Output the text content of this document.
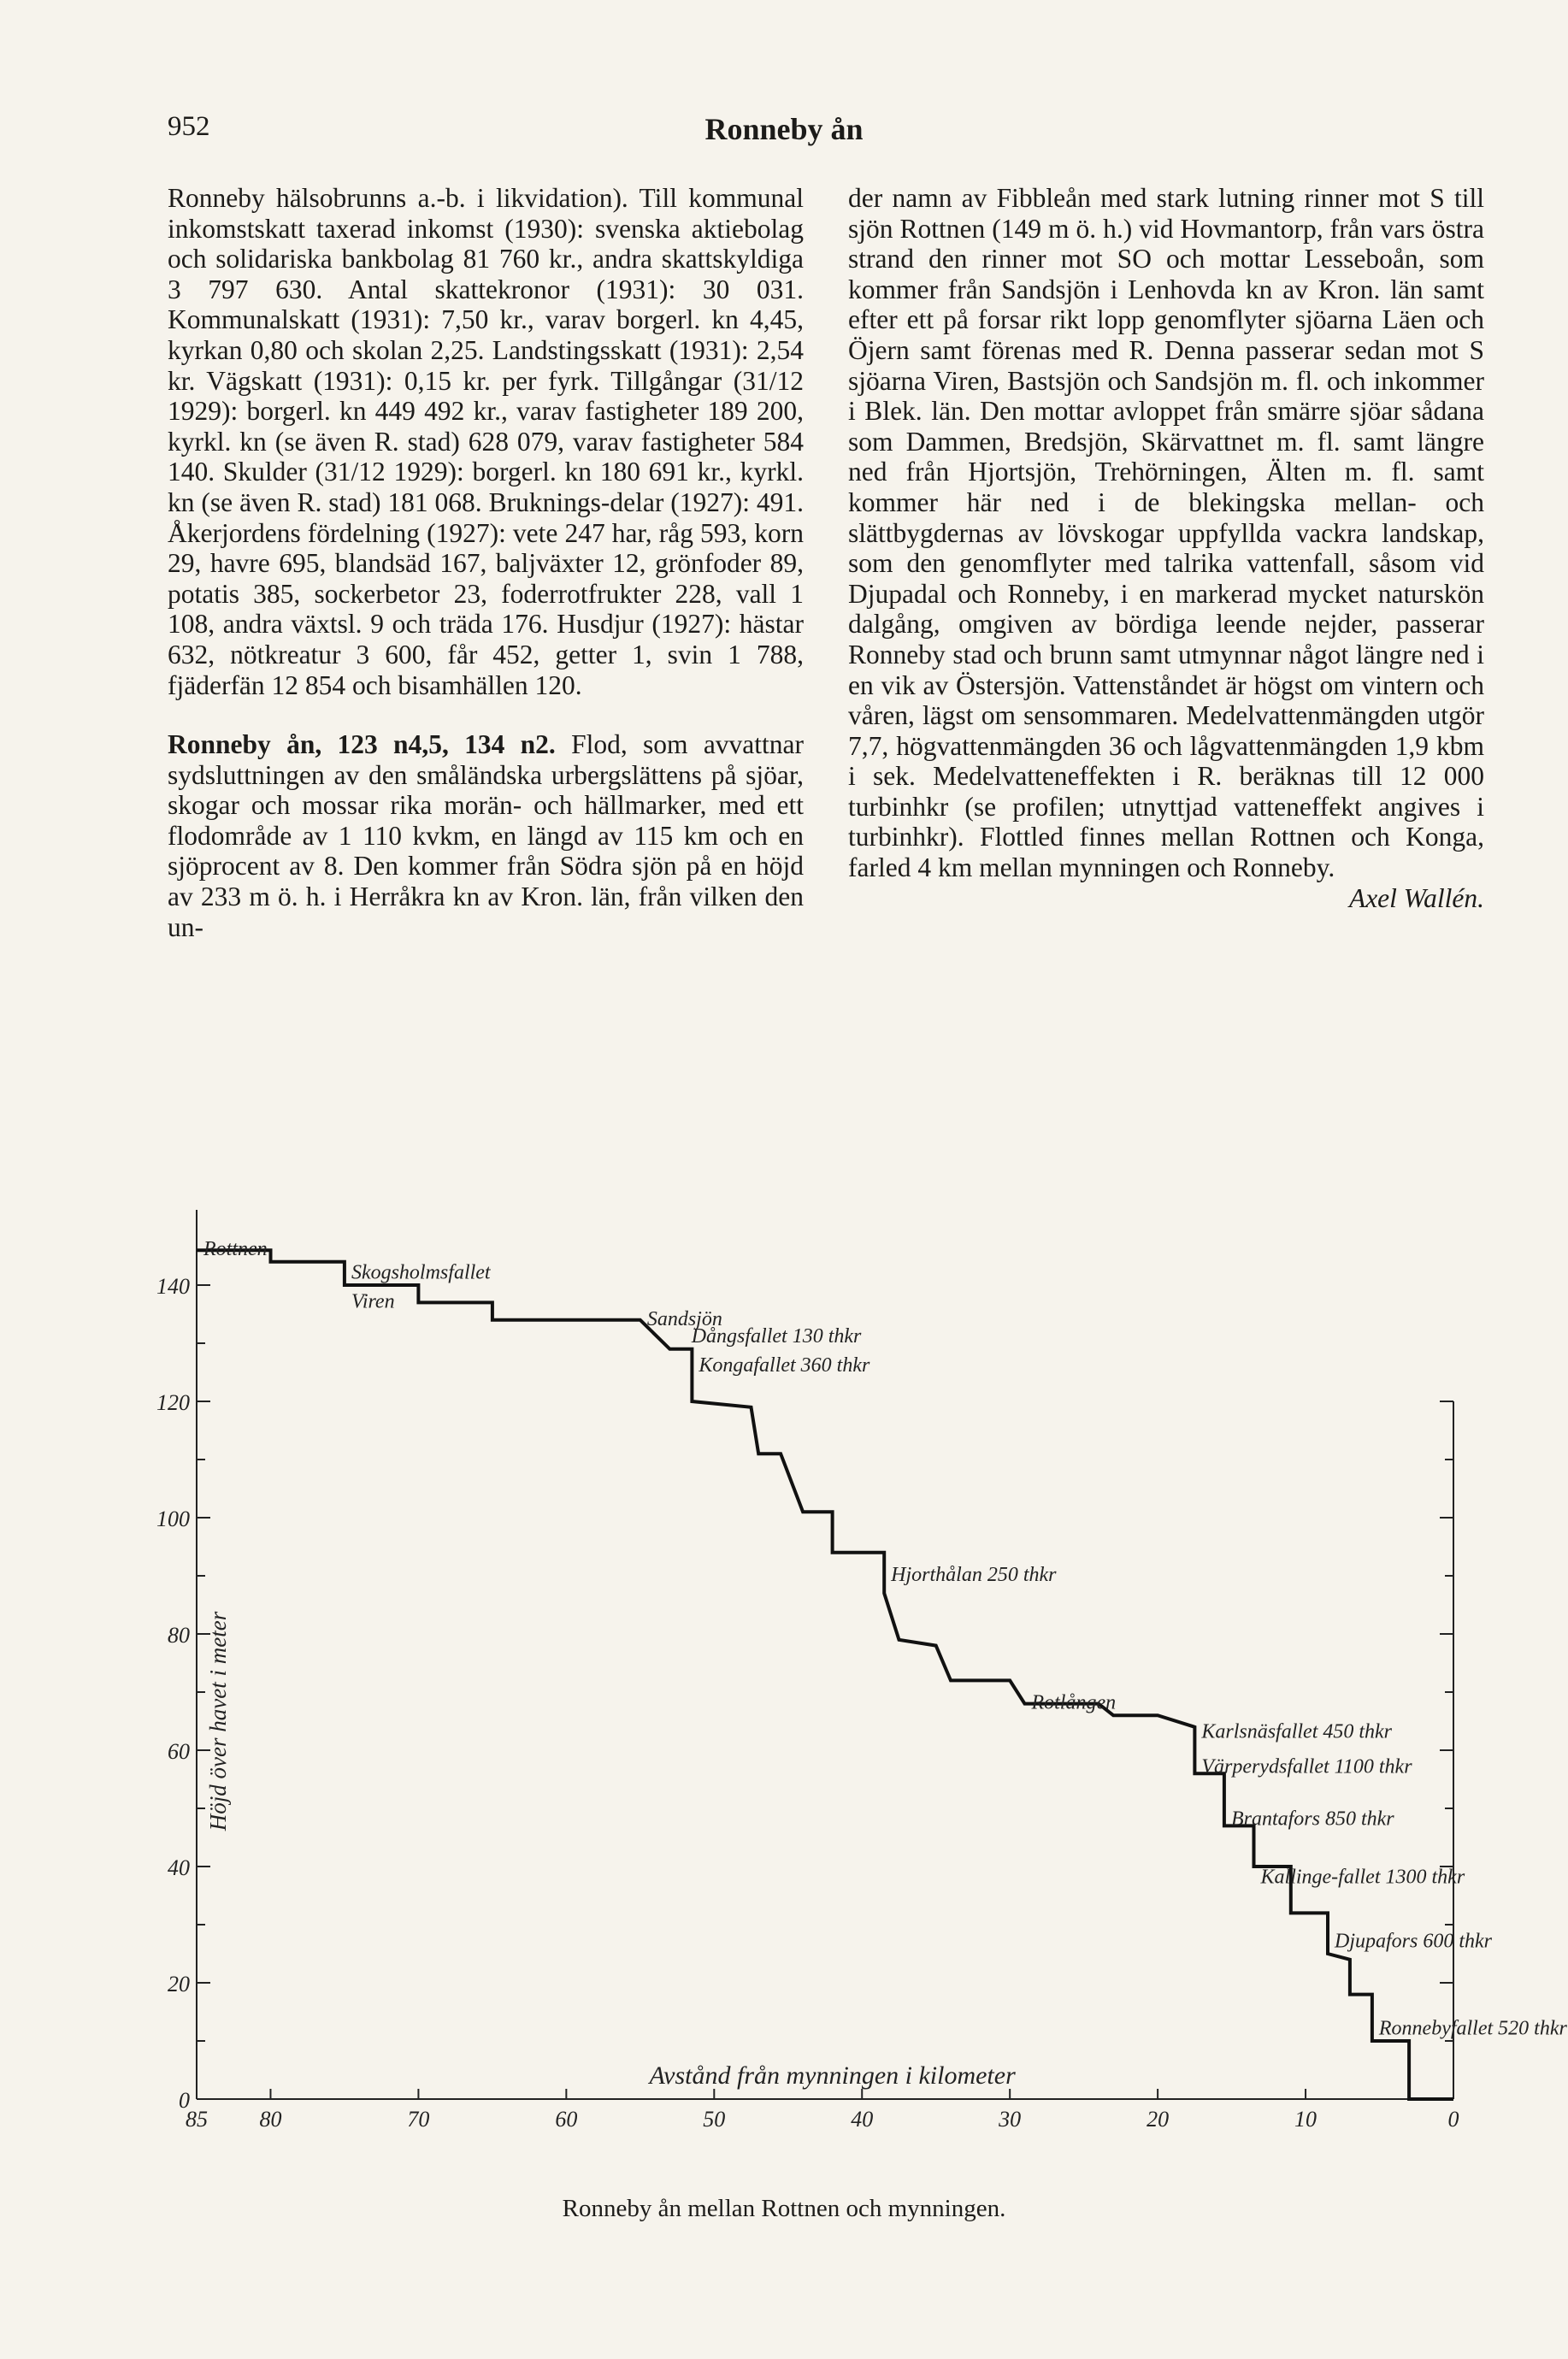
952	Ronneby ån

Ronneby hälsobrunns a.-b. i likvidation). Till kommunal inkomstskatt taxerad inkomst (1930): svenska aktiebolag och solidariska bankbolag 81 760 kr., andra skattskyldiga 3 797 630. Antal skattekronor (1931): 30 031. Kommunalskatt (1931): 7,50 kr., varav borgerl. kn 4,45, kyrkan 0,80 och skolan 2,25. Landstingsskatt (1931): 2,54 kr. Vägskatt (1931): 0,15 kr. per fyrk. Tillgångar (31/12 1929): borgerl. kn 449 492 kr., varav fastigheter 189 200, kyrkl. kn (se även R. stad) 628 079, varav fastigheter 584 140. Skulder (31/12 1929): borgerl. kn 180 691 kr., kyrkl. kn (se även R. stad) 181 068. Bruknings-delar (1927): 491. Åkerjordens fördelning (1927): vete 247 har, råg 593, korn 29, havre 695, blandsäd 167, baljväxter 12, grönfoder 89, potatis 385, sockerbetor 23, foderrotfrukter 228, vall 1 108, andra växtsl. 9 och träda 176. Husdjur (1927): hästar 632, nötkreatur 3 600, får 452, getter 1, svin 1 788, fjäderfän 12 854 och bisamhällen 120.

Ronneby ån, 123 n4,5, 134 n2. Flod, som avvattnar sydsluttningen av den småländska urbergslättens på sjöar, skogar och mossar rika morän- och hällmarker, med ett flodområde av 1 110 kvkm, en längd av 115 km och en sjöprocent av 8. Den kommer från Södra sjön på en höjd av 233 m ö. h. i Herråkra kn av Kron. län, från vilken den un-

der namn av Fibbleån med stark lutning rinner mot S till sjön Rottnen (149 m ö. h.) vid Hovmantorp, från vars östra strand den rinner mot SO och mottar Lesseboån, som kommer från Sandsjön i Lenhovda kn av Kron. län samt efter ett på forsar rikt lopp genomflyter sjöarna Läen och Öjern samt förenas med R. Denna passerar sedan mot S sjöarna Viren, Bastsjön och Sandsjön m. fl. och inkommer i Blek. län. Den mottar avloppet från smärre sjöar sådana som Dammen, Bredsjön, Skärvattnet m. fl. samt längre ned från Hjortsjön, Trehörningen, Älten m. fl. samt kommer här ned i de blekingska mellan- och slättbygdernas av lövskogar uppfyllda vackra landskap, som den genomflyter med talrika vattenfall, såsom vid Djupadal och Ronneby, i en markerad mycket naturskön dalgång, omgiven av bördiga leende nejder, passerar Ronneby stad och brunn samt utmynnar något längre ned i en vik av Östersjön. Vattenståndet är högst om vintern och våren, lägst om sensommaren. Medelvattenmängden utgör 7,7, högvattenmängden 36 och lågvattenmängden 1,9 kbm i sek. Medelvatteneffekten i R. beräknas till 12 000 turbinhkr (se profilen; utnyttjad vatteneffekt angives i turbinhkr). Flottled finnes mellan Rottnen och Konga, farled 4 km mellan mynningen och Ronneby.

Axel Wallén.

0
20
40
60
80
100
120
140
85 80	70	60	50	40	30	20	10	0
Höjd över havet i meter
Avstånd från mynningen i kilometer
Rottnen
Skogsholmsfallet
Viren
Sandsjön
Dångsfallet 130 thkr
Kongafallet 360 thkr
Hjorthålan 250 thkr
Rotlången
Karlsnäsfallet 450 thkr
Värperydsfallet 1100 thkr
Brantafors 850 thkr
Kallinge-fallet 1300 thkr
Djupafors 600 thkr
Ronnebyfallet 520 thkr
Ronneby ån mellan Rottnen och mynningen.
